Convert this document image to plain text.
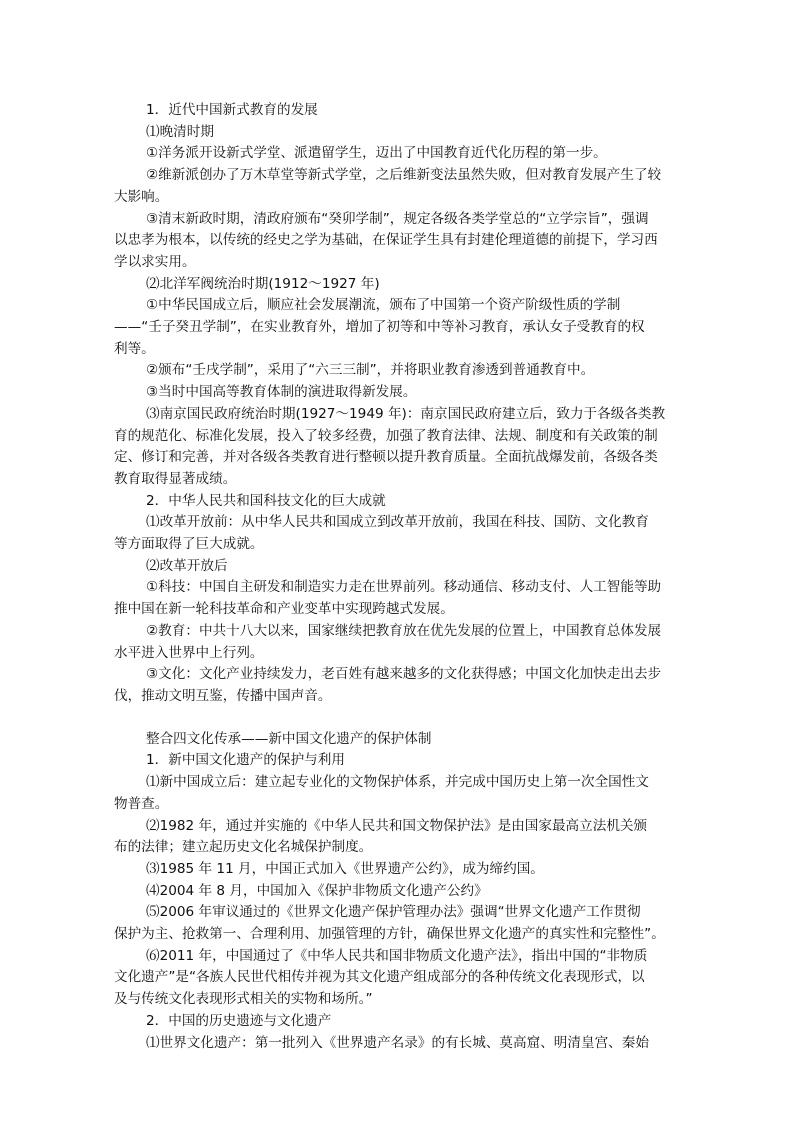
1．近代中国新式教育的发展

⑴晚清时期

①洋务派开设新式学堂、派遣留学生，迈出了中国教育近代化历程的第一步。

②维新派创办了万木草堂等新式学堂，之后维新变法虽然失败，但对教育发展产生了较

大影响。

③清末新政时期，清政府颁布“癸卯学制”，规定各级各类学堂总的“立学宗旨”，强调

以忠孝为根本，以传统的经史之学为基础，在保证学生具有封建伦理道德的前提下，学习西

学以求实用。

⑵北洋军阀统治时期(1912～1927 年)

①中华民国成立后，顺应社会发展潮流，颁布了中国第一个资产阶级性质的学制

——“壬子癸丑学制”，在实业教育外，增加了初等和中等补习教育，承认女子受教育的权

利等。

②颁布“壬戌学制”，采用了“六三三制”，并将职业教育渗透到普通教育中。

③当时中国高等教育体制的演进取得新发展。

⑶南京国民政府统治时期(1927～1949 年)：南京国民政府建立后，致力于各级各类教

育的规范化、标准化发展，投入了较多经费，加强了教育法律、法规、制度和有关政策的制

定、修订和完善，并对各级各类教育进行整顿以提升教育质量。全面抗战爆发前，各级各类

教育取得显著成绩。

2．中华人民共和国科技文化的巨大成就

⑴改革开放前：从中华人民共和国成立到改革开放前，我国在科技、国防、文化教育

等方面取得了巨大成就。

⑵改革开放后

①科技：中国自主研发和制造实力走在世界前列。移动通信、移动支付、人工智能等助

推中国在新一轮科技革命和产业变革中实现跨越式发展。

②教育：中共十八大以来，国家继续把教育放在优先发展的位置上，中国教育总体发展

水平进入世界中上行列。

③文化：文化产业持续发力，老百姓有越来越多的文化获得感；中国文化加快走出去步

伐，推动文明互鉴，传播中国声音。

整合四文化传承——新中国文化遗产的保护体制

1．新中国文化遗产的保护与利用

⑴新中国成立后：建立起专业化的文物保护体系，并完成中国历史上第一次全国性文

物普查。

⑵1982 年，通过并实施的《中华人民共和国文物保护法》是由国家最高立法机关颁

布的法律；建立起历史文化名城保护制度。

⑶1985 年 11 月，中国正式加入《世界遗产公约》，成为缔约国。

⑷2004 年 8 月，中国加入《保护非物质文化遗产公约》

⑸2006 年审议通过的《世界文化遗产保护管理办法》强调“世界文化遗产工作贯彻

保护为主、抢救第一、合理利用、加强管理的方针，确保世界文化遗产的真实性和完整性”。

⑹2011 年，中国通过了《中华人民共和国非物质文化遗产法》，指出中国的“非物质

文化遗产”是“各族人民世代相传并视为其文化遗产组成部分的各种传统文化表现形式，以

及与传统文化表现形式相关的实物和场所。”

2．中国的历史遗迹与文化遗产

⑴世界文化遗产：第一批列入《世界遗产名录》的有长城、莫高窟、明清皇宫、秦始
